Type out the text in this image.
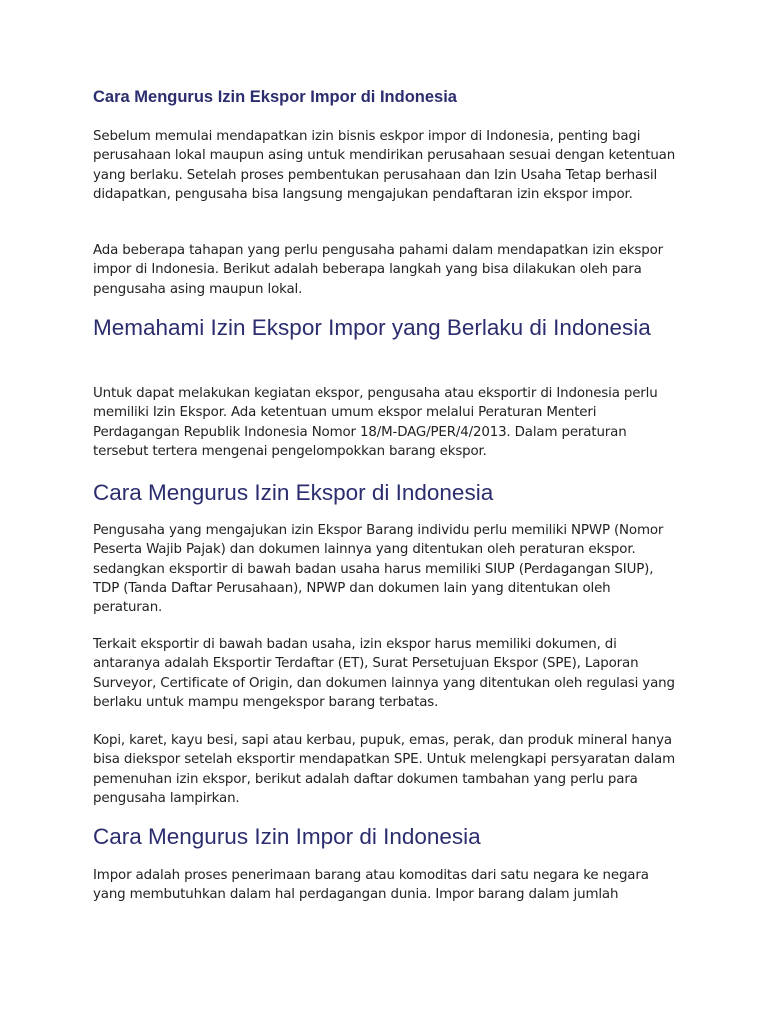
Cara Mengurus Izin Ekspor Impor di Indonesia

Sebelum memulai mendapatkan izin bisnis eskpor impor di Indonesia, penting bagi perusahaan lokal maupun asing untuk mendirikan perusahaan sesuai dengan ketentuan yang berlaku. Setelah proses pembentukan perusahaan dan Izin Usaha Tetap berhasil didapatkan, pengusaha bisa langsung mengajukan pendaftaran izin ekspor impor.

Ada beberapa tahapan yang perlu pengusaha pahami dalam mendapatkan izin ekspor impor di Indonesia. Berikut adalah beberapa langkah yang bisa dilakukan oleh para pengusaha asing maupun lokal.

Memahami Izin Ekspor Impor yang Berlaku di Indonesia

Untuk dapat melakukan kegiatan ekspor, pengusaha atau eksportir di Indonesia perlu memiliki Izin Ekspor. Ada ketentuan umum ekspor melalui Peraturan Menteri Perdagangan Republik Indonesia Nomor 18/M-DAG/PER/4/2013. Dalam peraturan tersebut tertera mengenai pengelompokkan barang ekspor.

Cara Mengurus Izin Ekspor di Indonesia

Pengusaha yang mengajukan izin Ekspor Barang individu perlu memiliki NPWP (Nomor Peserta Wajib Pajak) dan dokumen lainnya yang ditentukan oleh peraturan ekspor. sedangkan eksportir di bawah badan usaha harus memiliki SIUP (Perdagangan SIUP), TDP (Tanda Daftar Perusahaan), NPWP dan dokumen lain yang ditentukan oleh peraturan.

Terkait eksportir di bawah badan usaha, izin ekspor harus memiliki dokumen, di antaranya adalah Eksportir Terdaftar (ET), Surat Persetujuan Ekspor (SPE), Laporan Surveyor, Certificate of Origin, dan dokumen lainnya yang ditentukan oleh regulasi yang berlaku untuk mampu mengekspor barang terbatas.

Kopi, karet, kayu besi, sapi atau kerbau, pupuk, emas, perak, dan produk mineral hanya bisa diekspor setelah eksportir mendapatkan SPE. Untuk melengkapi persyaratan dalam pemenuhan izin ekspor, berikut adalah daftar dokumen tambahan yang perlu para pengusaha lampirkan.

Cara Mengurus Izin Impor di Indonesia

Impor adalah proses penerimaan barang atau komoditas dari satu negara ke negara yang membutuhkan dalam hal perdagangan dunia. Impor barang dalam jumlah
